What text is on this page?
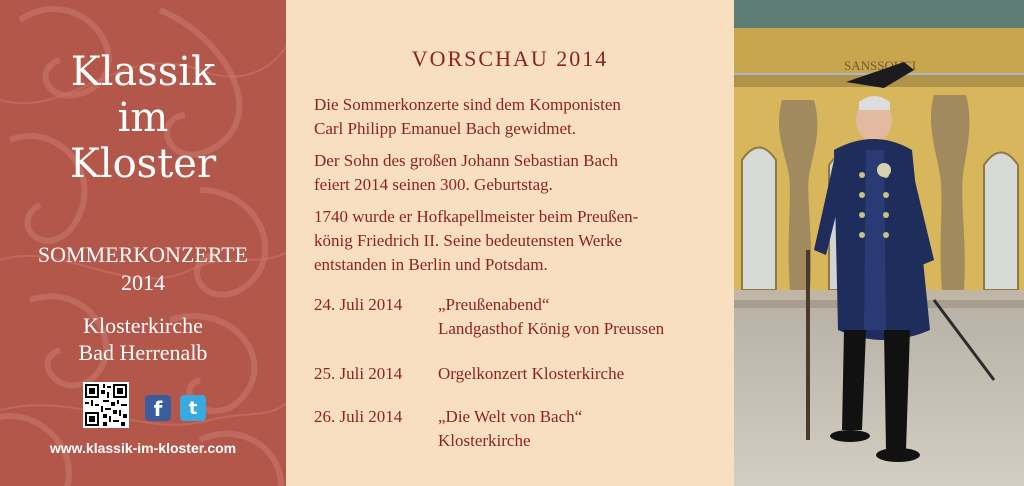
Klassik
im
Kloster
SOMMERKONZERTE
2014
Klosterkirche
Bad Herrenalb
f	t
www.klassik-im-kloster.com
VORSCHAU 2014
Die Sommerkonzerte sind dem Komponisten
Carl Philipp Emanuel Bach gewidmet.
Der Sohn des großen Johann Sebastian Bach
feiert 2014 seinen 300. Geburtstag.
1740 wurde er Hofkapellmeister beim Preußen-
könig Friedrich II. Seine bedeutensten Werke
entstanden in Berlin und Potsdam.
24. Juli 2014	„Preußenabend“
Landgasthof König von Preussen
25. Juli 2014	Orgelkonzert Klosterkirche
26. Juli 2014	„Die Welt von Bach“
Klosterkirche
SANSSOUCI
